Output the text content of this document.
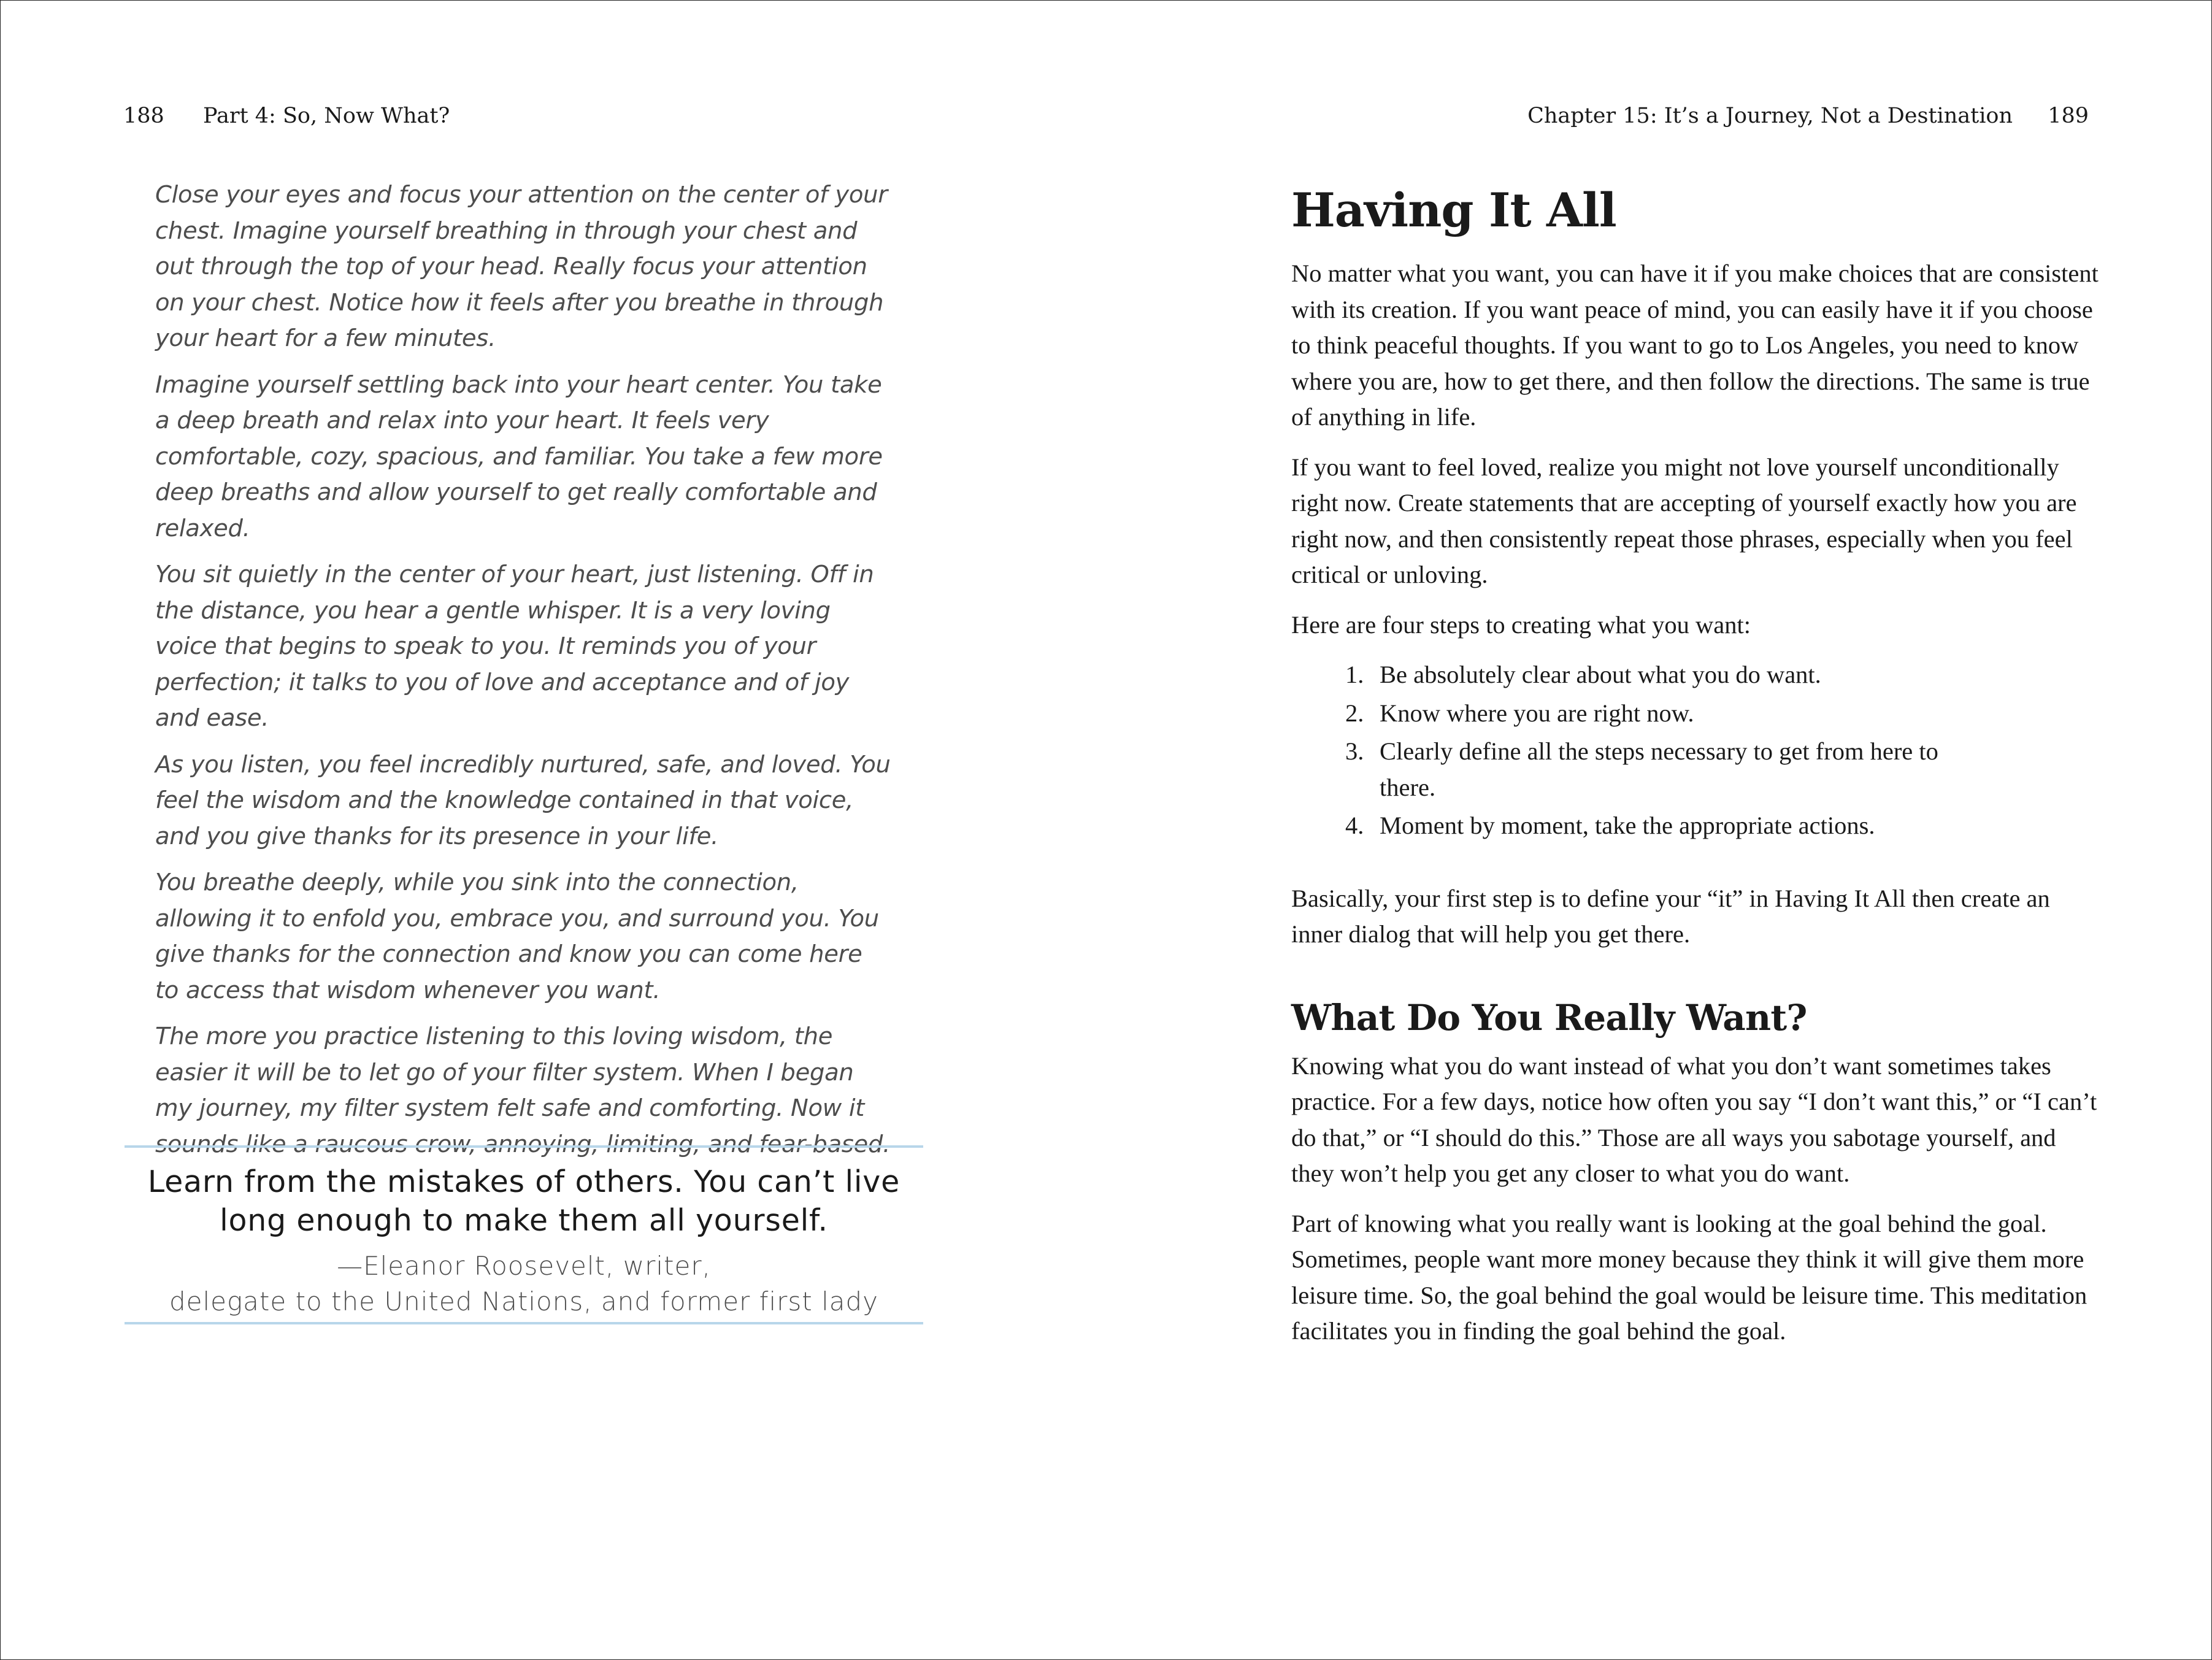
188 Part 4: So, Now What?

Close your eyes and focus your attention on the center of your chest. Imagine yourself breathing in through your chest and out through the top of your head. Really focus your attention on your chest. Notice how it feels after you breathe in through your heart for a few minutes.

Imagine yourself settling back into your heart center. You take a deep breath and relax into your heart. It feels very comfortable, cozy, spacious, and familiar. You take a few more deep breaths and allow yourself to get really comfortable and relaxed.

You sit quietly in the center of your heart, just listening. Off in the distance, you hear a gentle whisper. It is a very loving voice that begins to speak to you. It reminds you of your perfection; it talks to you of love and acceptance and of joy and ease.

As you listen, you feel incredibly nurtured, safe, and loved. You feel the wisdom and the knowledge contained in that voice, and you give thanks for its presence in your life.

You breathe deeply, while you sink into the connection, allowing it to enfold you, embrace you, and surround you. You give thanks for the connection and know you can come here to access that wisdom whenever you want.

The more you practice listening to this loving wisdom, the easier it will be to let go of your filter system. When I began my journey, my filter system felt safe and comforting. Now it sounds like a raucous crow, annoying, limiting, and fear-based.

Learn from the mistakes of others. You can’t live
long enough to make them all yourself.
—Eleanor Roosevelt, writer,
delegate to the United Nations, and former first lady
Chapter 15: It’s a Journey, Not a Destination 189
Having It All

No matter what you want, you can have it if you make choices that are consistent with its creation. If you want peace of mind, you can easily have it if you choose to think peaceful thoughts. If you want to go to Los Angeles, you need to know where you are, how to get there, and then follow the directions. The same is true of anything in life.

If you want to feel loved, realize you might not love yourself unconditionally right now. Create statements that are accepting of yourself exactly how you are right now, and then consistently repeat those phrases, especially when you feel critical or unloving.

Here are four steps to creating what you want:

1. Be absolutely clear about what you do want.
2. Know where you are right now.
3. Clearly define all the steps necessary to get from here to there.
4. Moment by moment, take the appropriate actions.

Basically, your first step is to define your “it” in Having It All then create an inner dialog that will help you get there.

What Do You Really Want?

Knowing what you do want instead of what you don’t want sometimes takes practice. For a few days, notice how often you say “I don’t want this,” or “I can’t do that,” or “I should do this.” Those are all ways you sabotage yourself, and they won’t help you get any closer to what you do want.

Part of knowing what you really want is looking at the goal behind the goal. Sometimes, people want more money because they think it will give them more leisure time. So, the goal behind the goal would be leisure time. This meditation facilitates you in finding the goal behind the goal.
